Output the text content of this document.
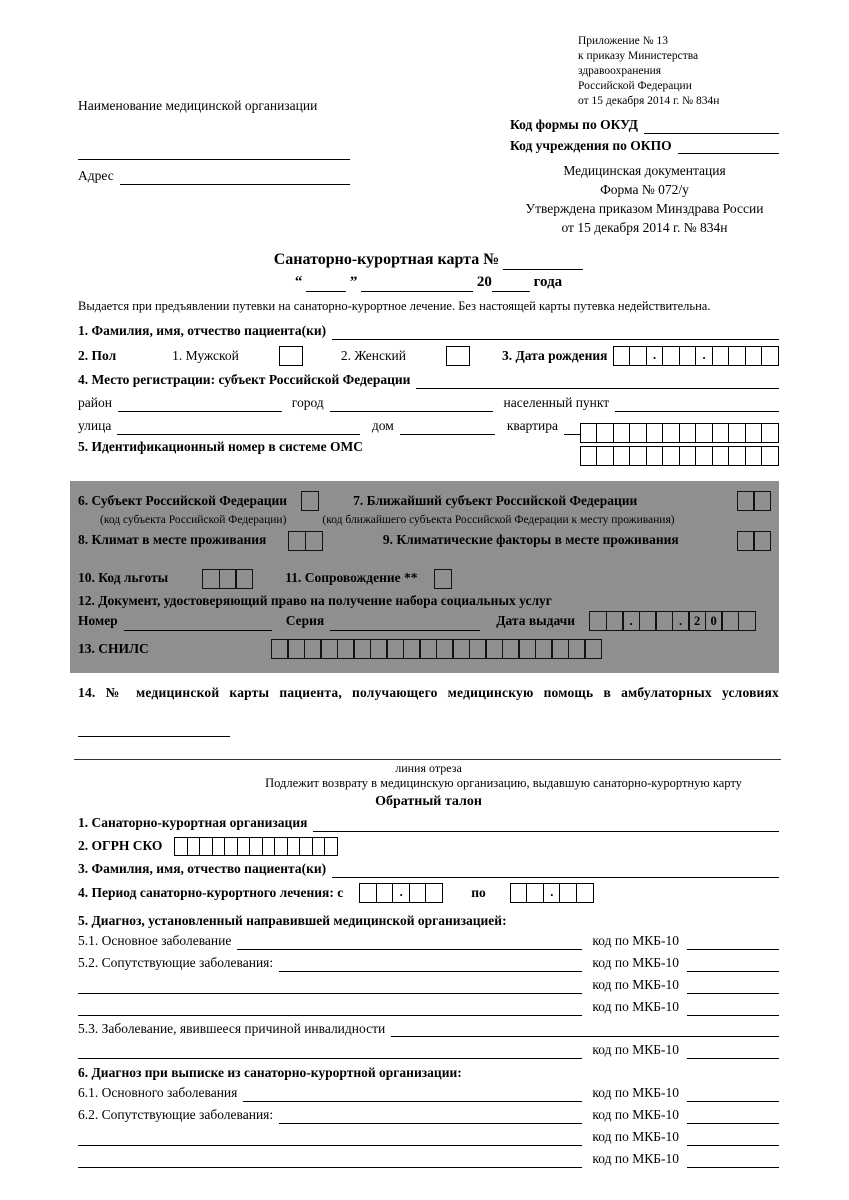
Наименование медицинской организации
Адрес
Приложение № 13
к приказу Министерства здравоохранения
Российской Федерации
от 15 декабря 2014 г. № 834н
Код формы по ОКУД
Код учреждения по ОКПО
Медицинская документация
Форма № 072/у
Утверждена приказом Минздрава России
от 15 декабря 2014 г. № 834н
Санаторно-курортная карта №
“	”	20	года
Выдается при предъявлении путевки на санаторно-курортное лечение. Без настоящей карты путевка недействительна.
1. Фамилия, имя, отчество пациента(ки)
2. Пол	1. Мужской	2. Женский	3. Дата рождения	.	.
4. Место регистрации: субъект Российской Федерации
район	город	населенный пункт
улица	дом	квартира
5. Идентификационный номер в системе ОМС

6. Субъект Российской Федерации	7. Ближайший субъект Российской Федерации
(код субъекта Российской Федерации)	(код ближайшего субъекта Российской Федерации к месту проживания)
8. Климат в месте проживания	9. Климатические факторы в месте проживания
10. Код льготы	11. Сопровождение **
12. Документ, удостоверяющий право на получение набора социальных услуг
Номер	Серия	Дата выдачи	.	. 2 0
13. СНИЛС
14. № медицинской карты пациента, получающего медицинскую помощь в амбулаторных условиях
линия отреза
Подлежит возврату в медицинскую организацию, выдавшую санаторно-курортную карту
Обратный талон
1. Санаторно-курортная организация
2. ОГРН СКО
3. Фамилия, имя, отчество пациента(ки)
4. Период санаторно-курортного лечения: с	.	по	.
5. Диагноз, установленный направившей медицинской организацией:
5.1. Основное заболевание	код по МКБ-10
5.2. Сопутствующие заболевания:	код по МКБ-10
код по МКБ-10
код по МКБ-10
5.3. Заболевание, явившееся причиной инвалидности
код по МКБ-10
6. Диагноз при выписке из санаторно-курортной организации:
6.1. Основного заболевания	код по МКБ-10
6.2. Сопутствующие заболевания:	код по МКБ-10
код по МКБ-10
код по МКБ-10
